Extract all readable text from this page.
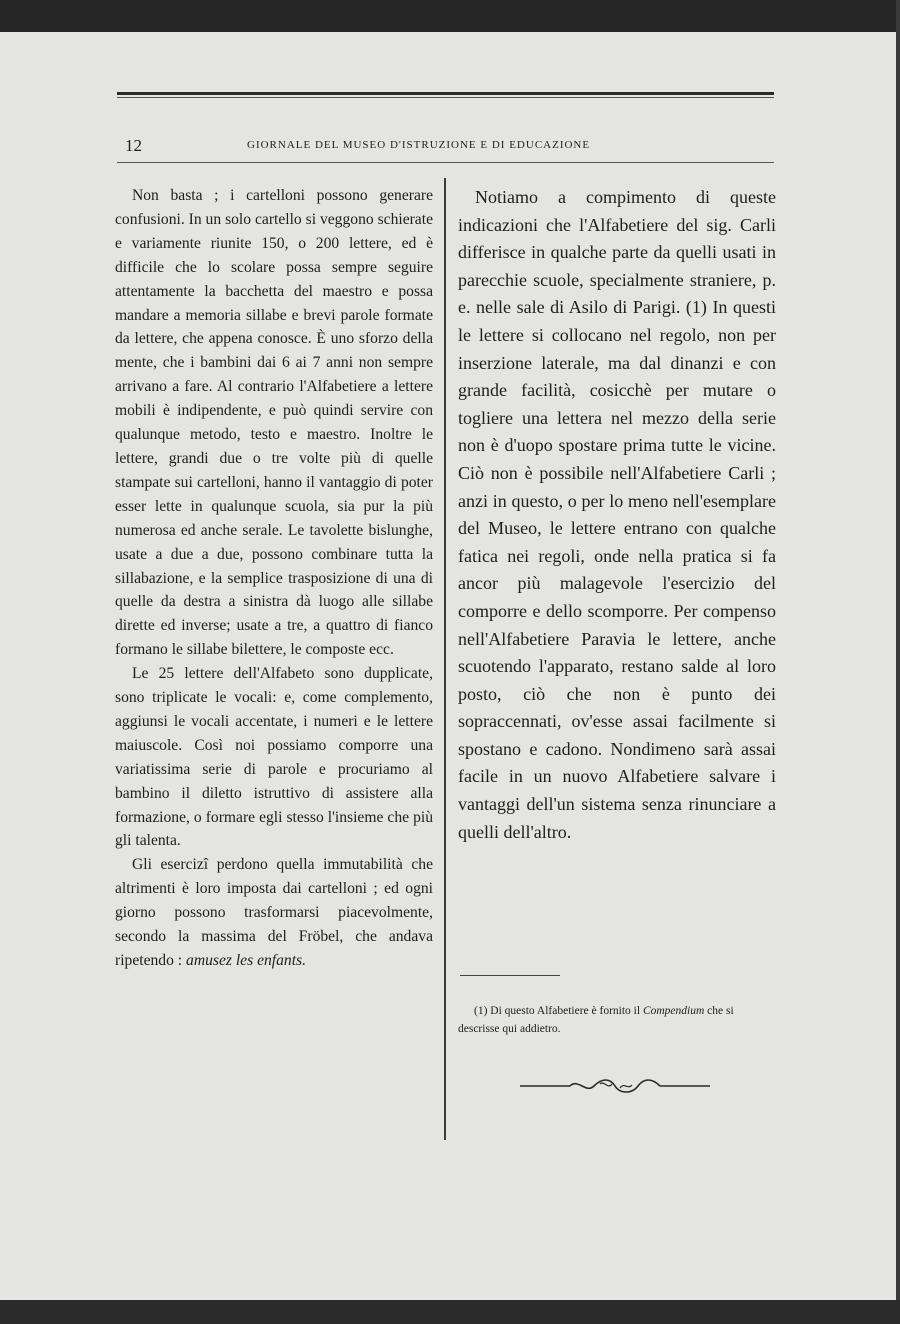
12	GIORNALE DEL MUSEO D'ISTRUZIONE E DI EDUCAZIONE

Non basta ; i cartelloni possono generare confusioni. In un solo cartello si veggono schierate e variamente riunite 150, o 200 lettere, ed è difficile che lo scolare possa sempre seguire attentamente la bacchetta del maestro e possa mandare a memoria sillabe e brevi parole formate da lettere, che appena conosce. È uno sforzo della mente, che i bambini dai 6 ai 7 anni non sempre arrivano a fare. Al contrario l'Alfabetiere a lettere mobili è indipendente, e può quindi servire con qualunque metodo, testo e maestro. Inoltre le lettere, grandi due o tre volte più di quelle stampate sui cartelloni, hanno il vantaggio di poter esser lette in qualunque scuola, sia pur la più numerosa ed anche serale. Le tavolette bislunghe, usate a due a due, possono combinare tutta la sillabazione, e la semplice trasposizione di una di quelle da destra a sinistra dà luogo alle sillabe dirette ed inverse; usate a tre, a quattro di fianco formano le sillabe bilettere, le composte ecc.

Le 25 lettere dell'Alfabeto sono dupplicate, sono triplicate le vocali: e, come complemento, aggiunsi le vocali accentate, i numeri e le lettere maiuscole. Così noi possiamo comporre una variatissima serie di parole e procuriamo al bambino il diletto istruttivo di assistere alla formazione, o formare egli stesso l'insieme che più gli talenta.

Gli esercizî perdono quella immutabilità che altrimenti è loro imposta dai cartelloni ; ed ogni giorno possono trasformarsi piacevolmente, secondo la massima del Fröbel, che andava ripetendo : amusez les enfants.

Notiamo a compimento di queste indicazioni che l'Alfabetiere del sig. Carli differisce in qualche parte da quelli usati in parecchie scuole, specialmente straniere, p. e. nelle sale di Asilo di Parigi. (1) In questi le lettere si collocano nel regolo, non per inserzione laterale, ma dal dinanzi e con grande facilità, cosicchè per mutare o togliere una lettera nel mezzo della serie non è d'uopo spostare prima tutte le vicine. Ciò non è possibile nell'Alfabetiere Carli ; anzi in questo, o per lo meno nell'esemplare del Museo, le lettere entrano con qualche fatica nei regoli, onde nella pratica si fa ancor più malagevole l'esercizio del comporre e dello scomporre. Per compenso nell'Alfabetiere Paravia le lettere, anche scuotendo l'apparato, restano salde al loro posto, ciò che non è punto dei sopraccennati, ov'esse assai facilmente si spostano e cadono. Nondimeno sarà assai facile in un nuovo Alfabetiere salvare i vantaggi dell'un sistema senza rinunciare a quelli dell'altro.

(1) Di questo Alfabetiere è fornito il Compendium che si descrisse qui addietro.
